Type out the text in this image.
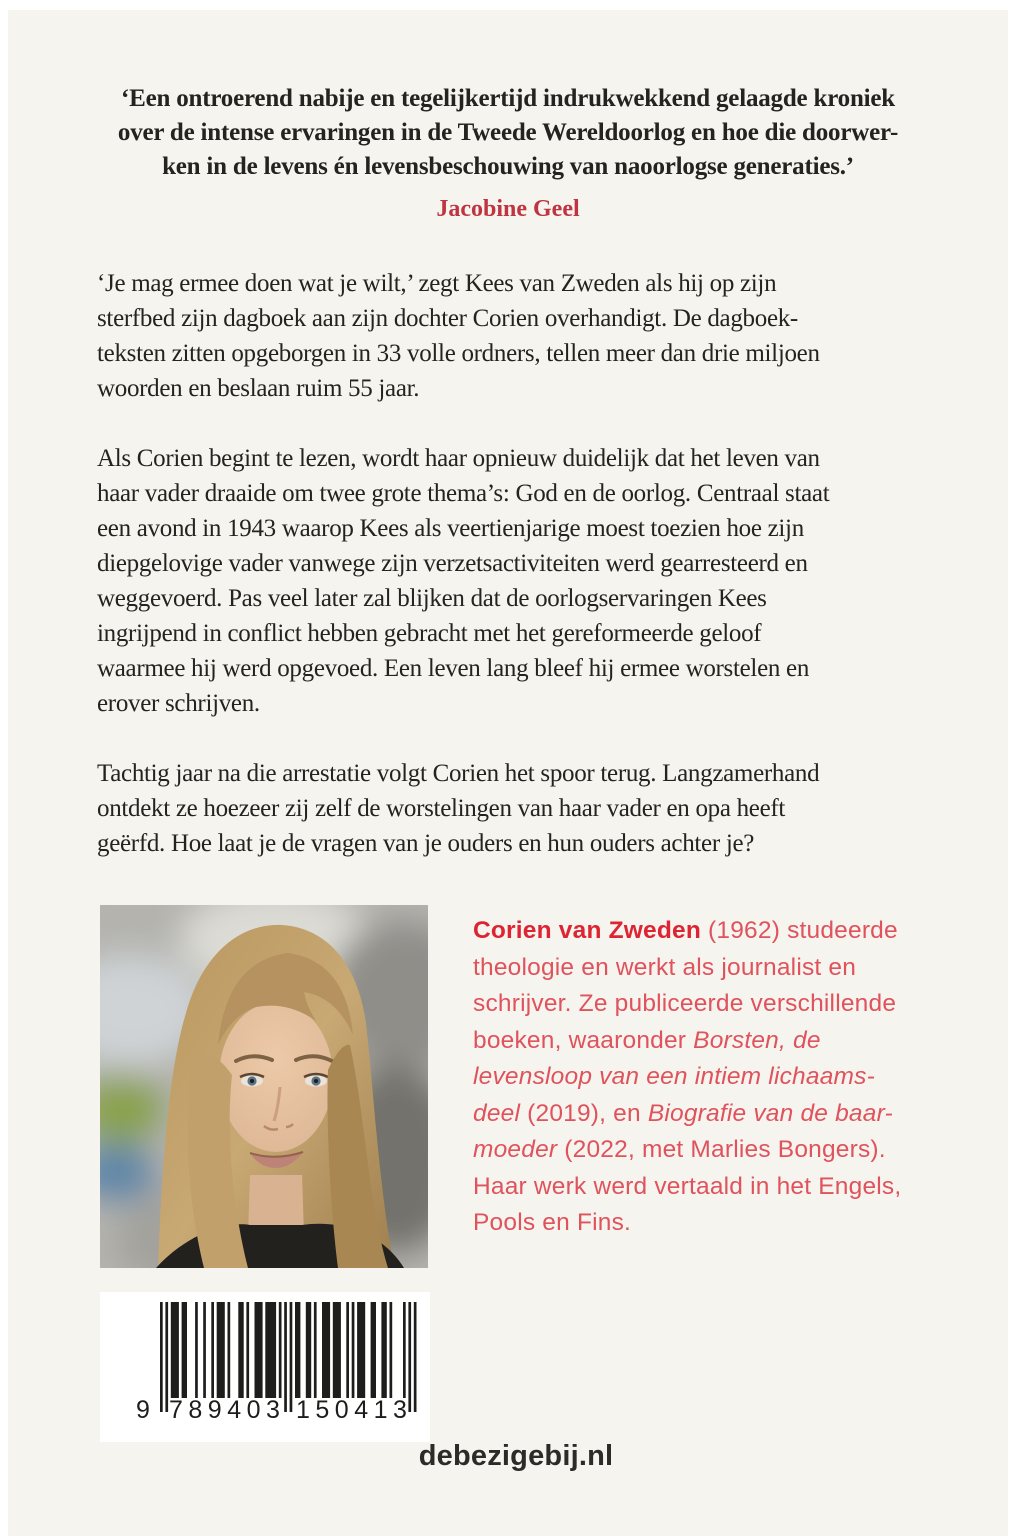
‘Een ontroerend nabije en tegelijkertijd indrukwekkend gelaagde kroniek
over de intense ervaringen in de Tweede Wereldoorlog en hoe die doorwer-
ken in de levens én levensbeschouwing van naoorlogse generaties.’
Jacobine Geel

‘Je mag ermee doen wat je wilt,’ zegt Kees van Zweden als hij op zijn
sterfbed zijn dagboek aan zijn dochter Corien overhandigt. De dagboek-
teksten zitten opgeborgen in 33 volle ordners, tellen meer dan drie miljoen
woorden en beslaan ruim 55 jaar.

Als Corien begint te lezen, wordt haar opnieuw duidelijk dat het leven van
haar vader draaide om twee grote thema’s: God en de oorlog. Centraal staat
een avond in 1943 waarop Kees als veertienjarige moest toezien hoe zijn
diepgelovige vader vanwege zijn verzetsactiviteiten werd gearresteerd en
weggevoerd. Pas veel later zal blijken dat de oorlogservaringen Kees
ingrijpend in conflict hebben gebracht met het gereformeerde geloof
waarmee hij werd opgevoed. Een leven lang bleef hij ermee worstelen en
erover schrijven.

Tachtig jaar na die arrestatie volgt Corien het spoor terug. Langzamerhand
ontdekt ze hoezeer zij zelf de worstelingen van haar vader en opa heeft
geërfd. Hoe laat je de vragen van je ouders en hun ouders achter je?

Corien van Zweden (1962) studeerde
theologie en werkt als journalist en
schrijver. Ze publiceerde verschillende
boeken, waaronder Borsten, de
levensloop van een intiem lichaams-
deel (2019), en Biografie van de baar-
moeder (2022, met Marlies Bongers).
Haar werk werd vertaald in het Engels,
Pools en Fins.
9 789403 150413
debezigebij.nl
